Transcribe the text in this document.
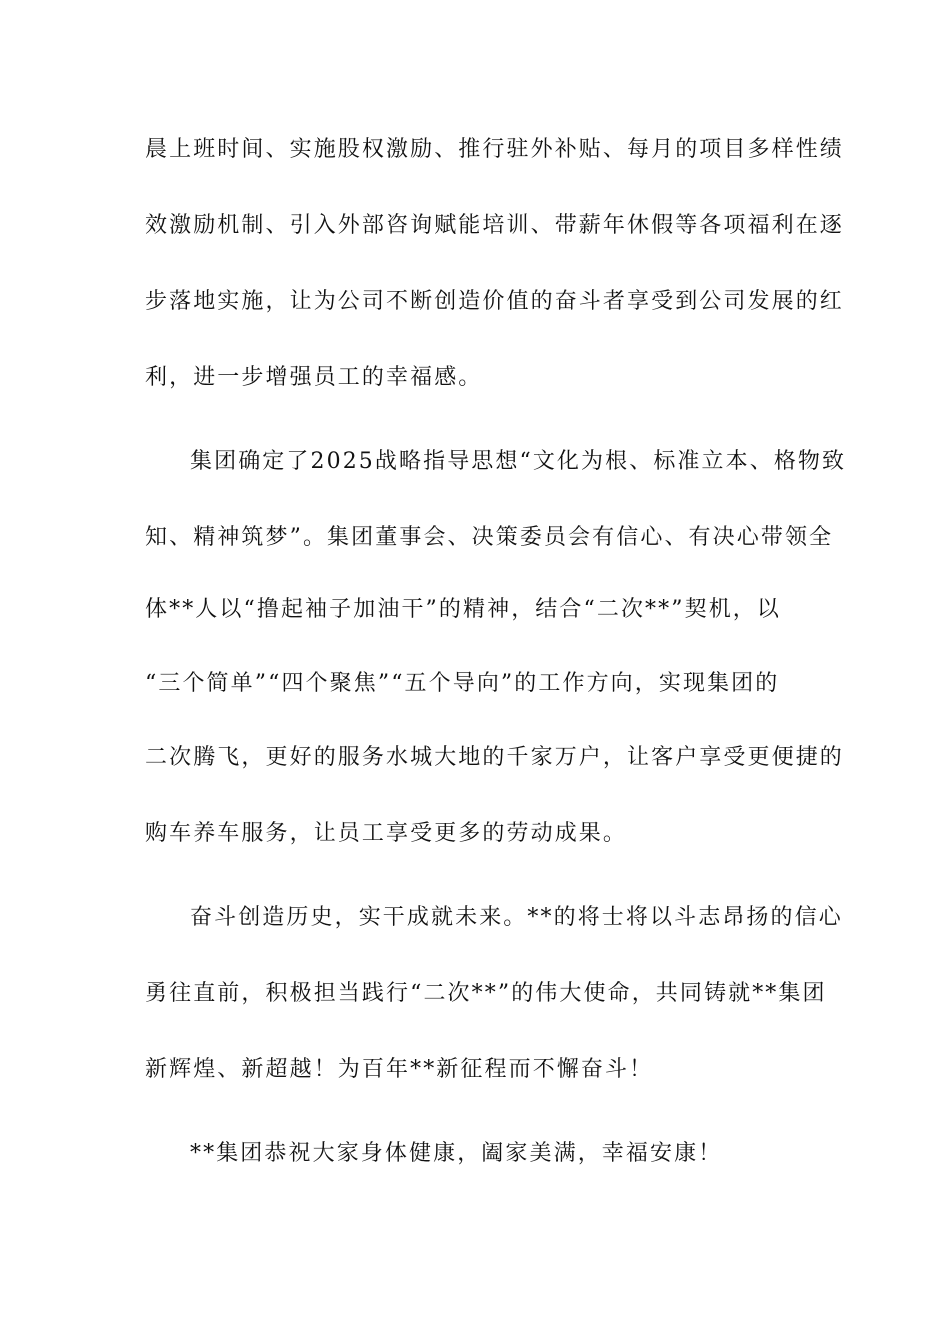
晨上班时间、实施股权激励、推行驻外补贴、每月的项目多样性绩
效激励机制、引入外部咨询赋能培训、带薪年休假等各项福利在逐
步落地实施，让为公司不断创造价值的奋斗者享受到公司发展的红
利，进一步增强员工的幸福感。
集团确定了2025战略指导思想“文化为根、标准立本、格物致
知、精神筑梦”。集团董事会、决策委员会有信心、有决心带领全
体**人以“撸起袖子加油干”的精神，结合“二次**”契机，以
“三个简单”“四个聚焦”“五个导向”的工作方向，实现集团的
二次腾飞，更好的服务水城大地的千家万户，让客户享受更便捷的
购车养车服务，让员工享受更多的劳动成果。
奋斗创造历史，实干成就未来。**的将士将以斗志昂扬的信心
勇往直前，积极担当践行“二次**”的伟大使命，共同铸就**集团
新辉煌、新超越！为百年**新征程而不懈奋斗！
**集团恭祝大家身体健康，阖家美满，幸福安康！
